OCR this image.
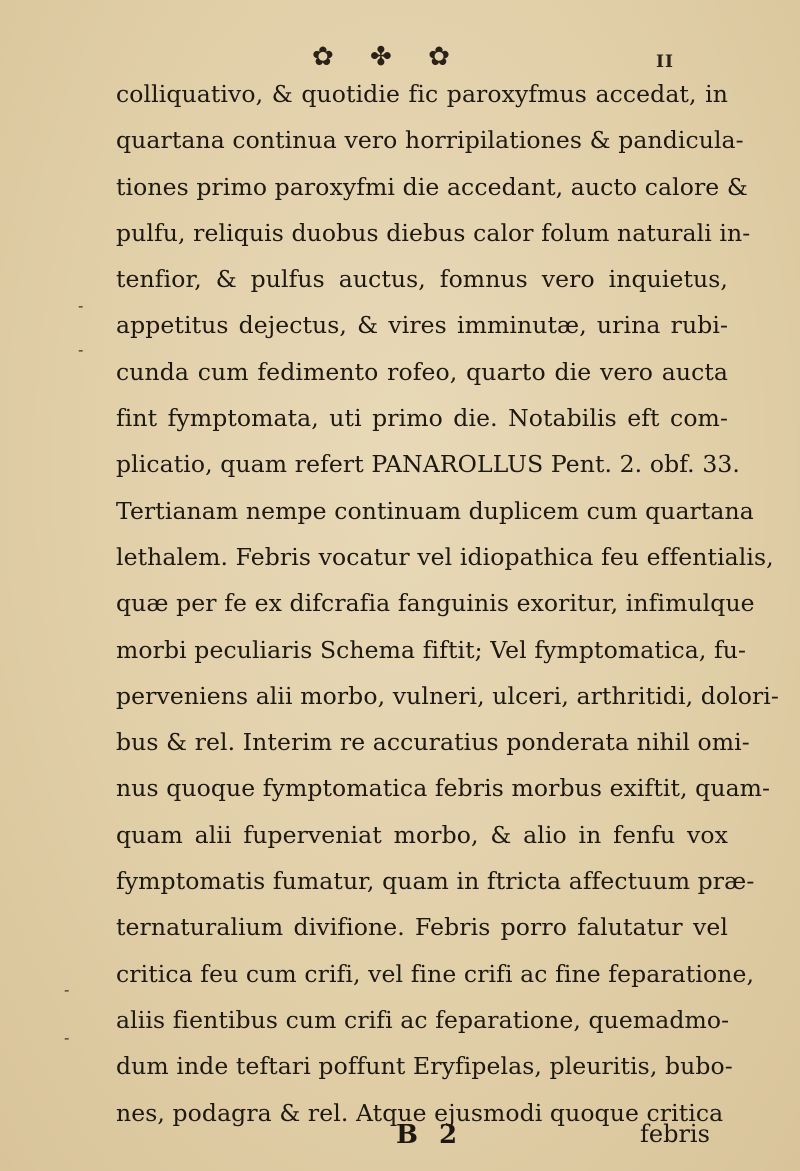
✿ ✤ ✿	II
-
-
-
-
colliquativo, & quotidie fic paroxyfmus accedat, in
quartana continua vero horripilationes & pandicula-
tiones primo paroxyfmi die accedant, aucto calore &
pulfu, reliquis duobus diebus calor folum naturali in-
tenfior, & pulfus auctus, fomnus vero inquietus,
appetitus dejectus, & vires imminutæ, urina rubi-
cunda cum fedimento rofeo, quarto die vero aucta
fint fymptomata, uti primo die. Notabilis eft com-
plicatio, quam refert PANAROLLUS Pent. 2. obf. 33.
Tertianam nempe continuam duplicem cum quartana
lethalem. Febris vocatur vel idiopathica feu effentialis,
quæ per fe ex difcrafia fanguinis exoritur, infimulque
morbi peculiaris Schema fiftit; Vel fymptomatica, fu-
perveniens alii morbo, vulneri, ulceri, arthritidi, dolori-
bus & rel. Interim re accuratius ponderata nihil omi-
nus quoque fymptomatica febris morbus exiftit, quam-
quam alii fuperveniat morbo, & alio in fenfu vox
fymptomatis fumatur, quam in ftricta affectuum præ-
ternaturalium divifione. Febris porro falutatur vel
critica feu cum crifi, vel fine crifi ac fine feparatione,
aliis fientibus cum crifi ac feparatione, quemadmo-
dum inde teftari poffunt Eryfipelas, pleuritis, bubo-
nes, podagra & rel. Atque ejusmodi quoque critica
B 2	febris
